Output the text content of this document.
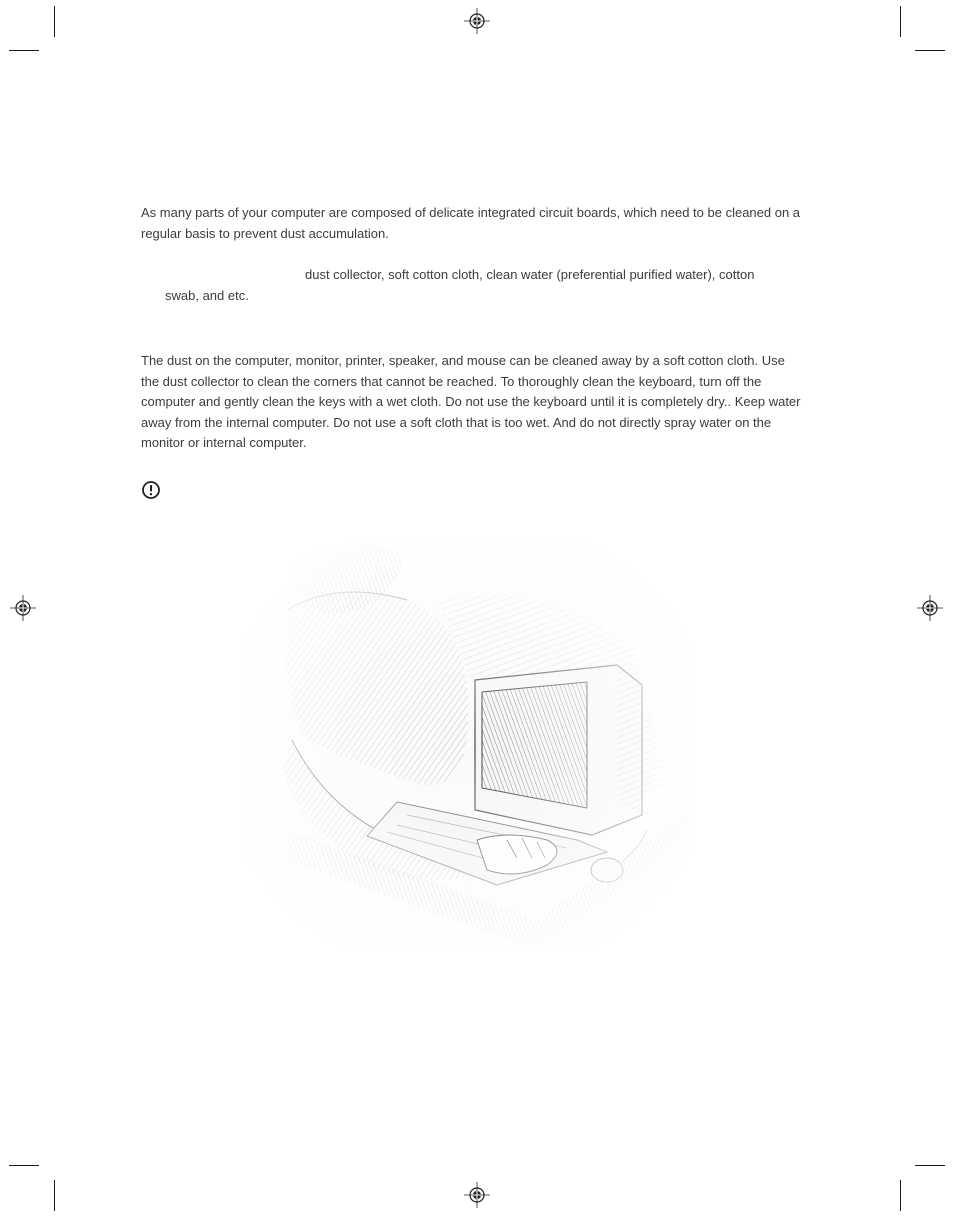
As many parts of your computer are composed of delicate integrated circuit boards, which need to be cleaned on a regular basis to prevent dust accumulation.

dust collector, soft cotton cloth, clean water (preferential purified water), cotton
swab, and etc.

The dust on the computer, monitor, printer, speaker, and mouse can be cleaned away by a soft cotton cloth. Use the dust collector to clean the corners that cannot be reached. To thoroughly clean the keyboard, turn off the computer and gently clean the keys with a wet cloth. Do not use the keyboard until it is completely dry.. Keep water away from the internal computer. Do not use a soft cloth that is too wet. And do not directly spray water on the monitor or internal computer.
